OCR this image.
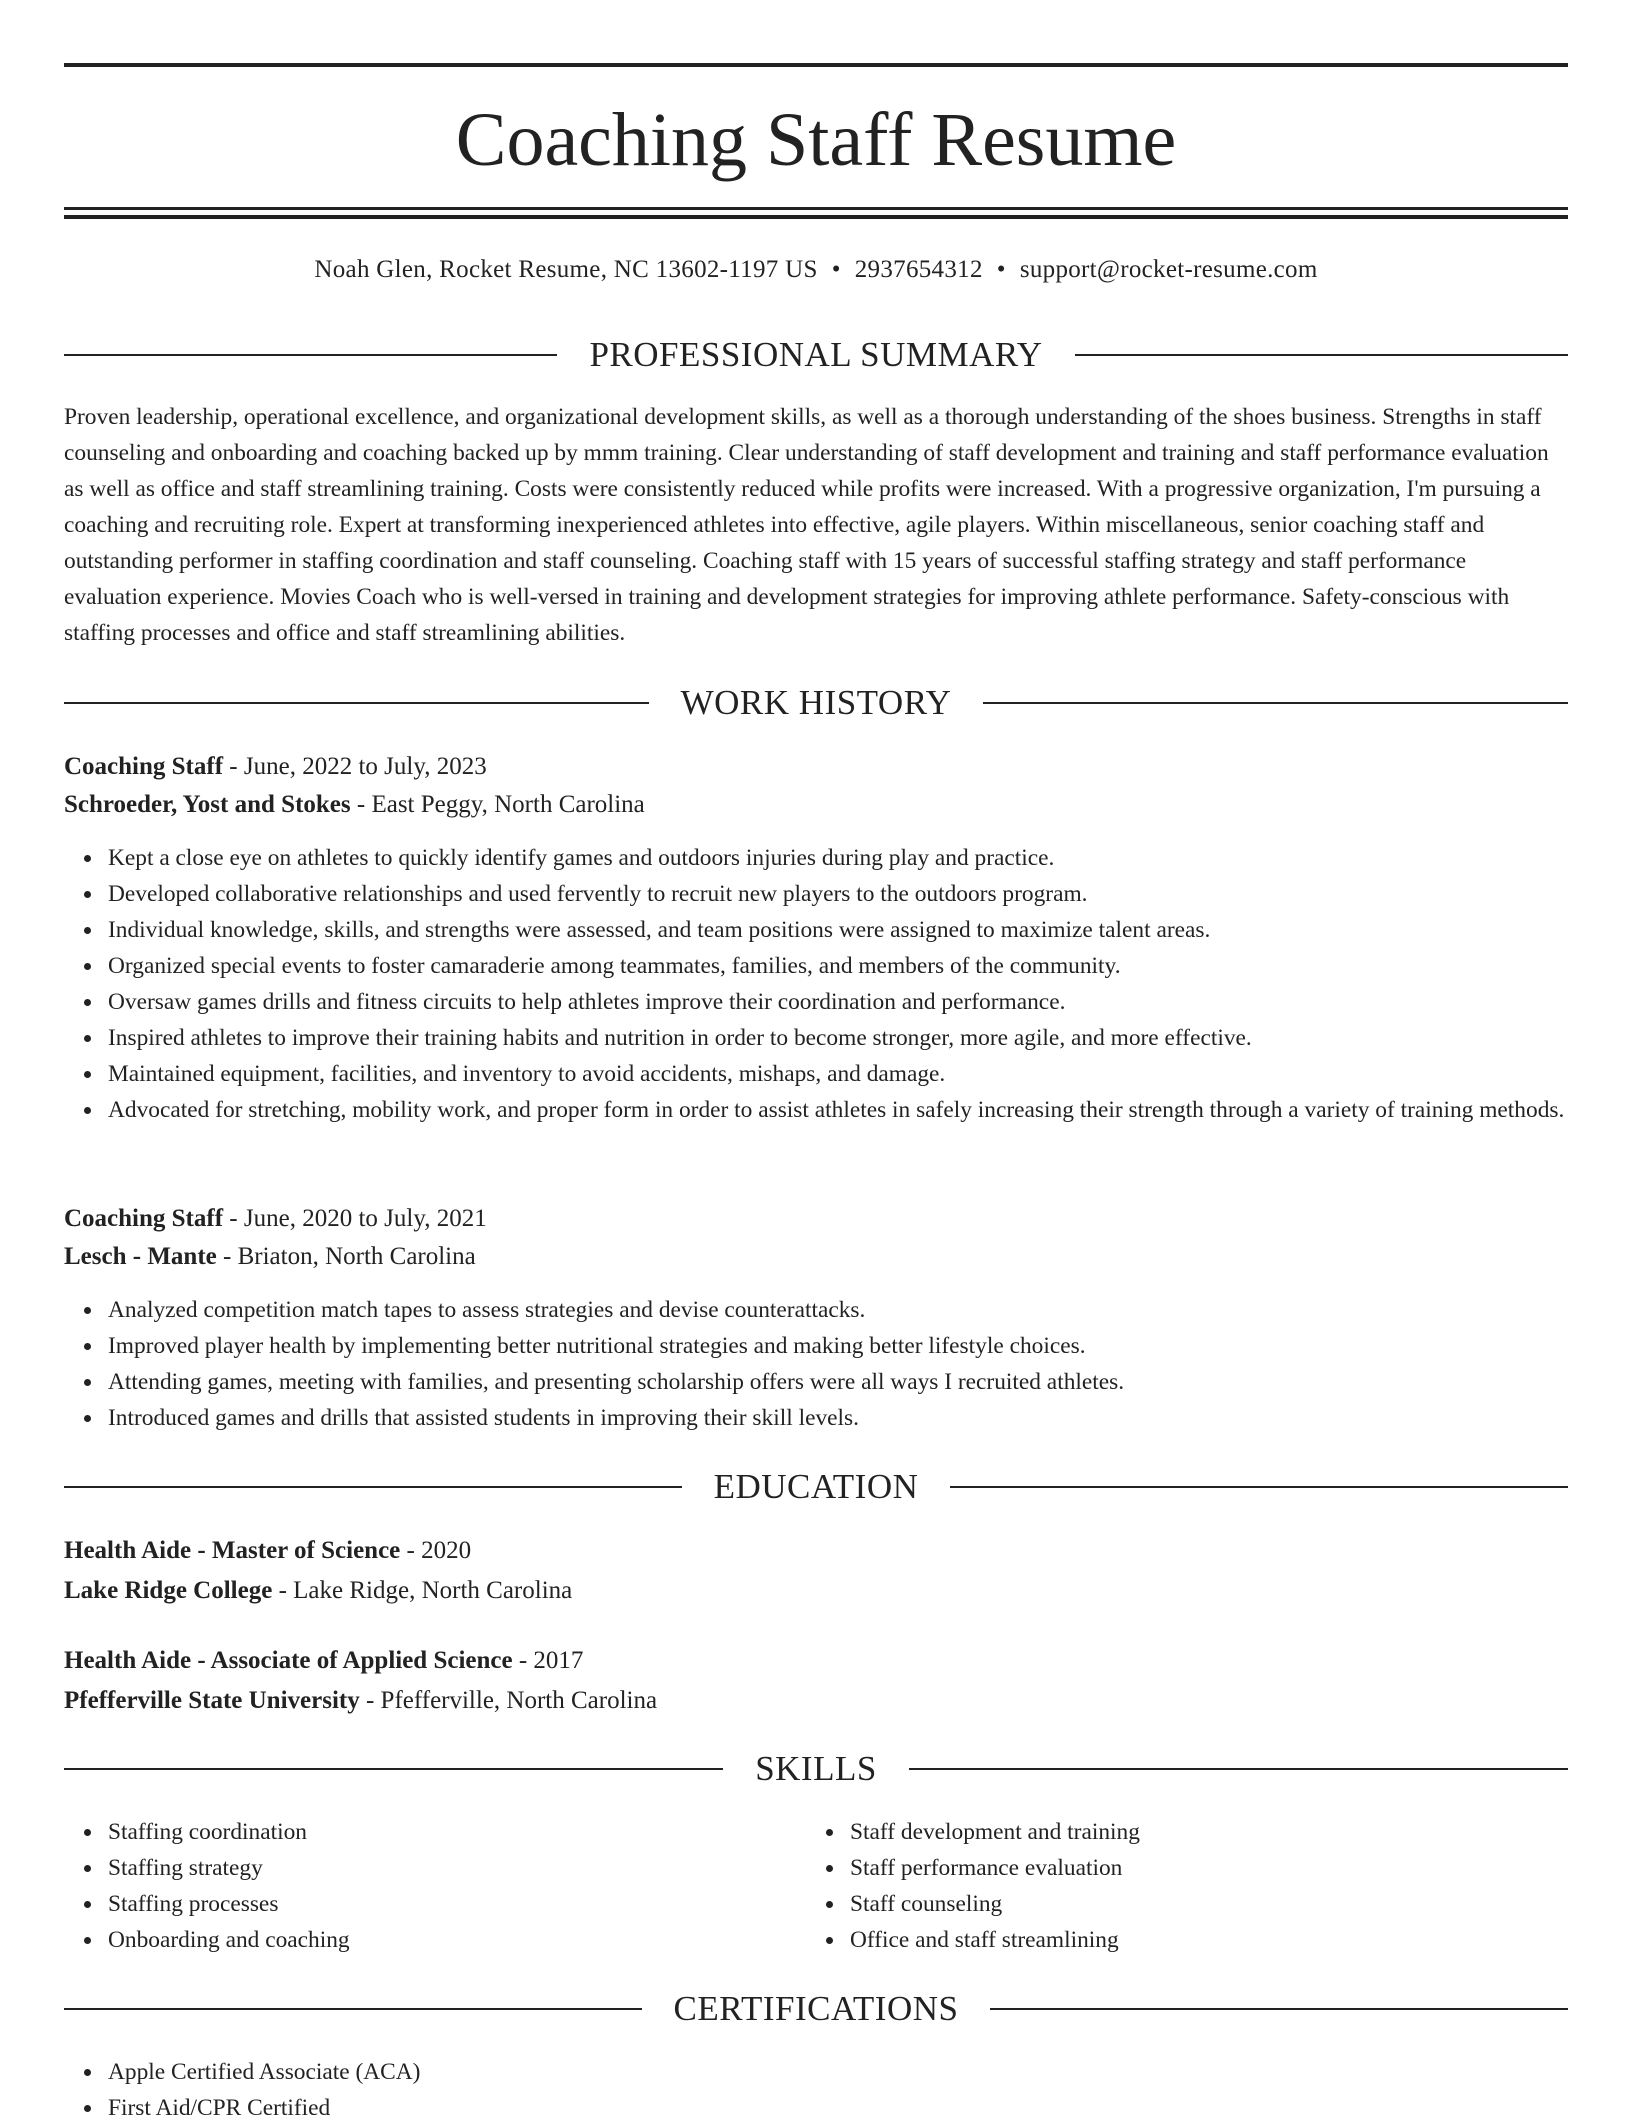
Coaching Staff Resume
Noah Glen, Rocket Resume, NC 13602-1197 US • 2937654312 • support@rocket-resume.com
PROFESSIONAL SUMMARY

Proven leadership, operational excellence, and organizational development skills, as well as a thorough understanding of the shoes business. Strengths in staff counseling and onboarding and coaching backed up by mmm training. Clear understanding of staff development and training and staff performance evaluation as well as office and staff streamlining training. Costs were consistently reduced while profits were increased. With a progressive organization, I'm pursuing a coaching and recruiting role. Expert at transforming inexperienced athletes into effective, agile players. Within miscellaneous, senior coaching staff and outstanding performer in staffing coordination and staff counseling. Coaching staff with 15 years of successful staffing strategy and staff performance evaluation experience. Movies Coach who is well-versed in training and development strategies for improving athlete performance. Safety-conscious with staffing processes and office and staff streamlining abilities.

WORK HISTORY
Coaching Staff - June, 2022 to July, 2023
Schroeder, Yost and Stokes - East Peggy, North Carolina
Kept a close eye on athletes to quickly identify games and outdoors injuries during play and practice.
Developed collaborative relationships and used fervently to recruit new players to the outdoors program.
Individual knowledge, skills, and strengths were assessed, and team positions were assigned to maximize talent areas.
Organized special events to foster camaraderie among teammates, families, and members of the community.
Oversaw games drills and fitness circuits to help athletes improve their coordination and performance.
Inspired athletes to improve their training habits and nutrition in order to become stronger, more agile, and more effective.
Maintained equipment, facilities, and inventory to avoid accidents, mishaps, and damage.
Advocated for stretching, mobility work, and proper form in order to assist athletes in safely increasing their strength through a variety of training methods.
Coaching Staff - June, 2020 to July, 2021
Lesch - Mante - Briaton, North Carolina
Analyzed competition match tapes to assess strategies and devise counterattacks.
Improved player health by implementing better nutritional strategies and making better lifestyle choices.
Attending games, meeting with families, and presenting scholarship offers were all ways I recruited athletes.
Introduced games and drills that assisted students in improving their skill levels.
EDUCATION
Health Aide - Master of Science - 2020
Lake Ridge College - Lake Ridge, North Carolina
Health Aide - Associate of Applied Science - 2017
Pfefferville State University - Pfefferville, North Carolina
SKILLS
Staffing coordination
Staffing strategy
Staffing processes
Onboarding and coaching
Staff development and training
Staff performance evaluation
Staff counseling
Office and staff streamlining
CERTIFICATIONS
Apple Certified Associate (ACA)
First Aid/CPR Certified
